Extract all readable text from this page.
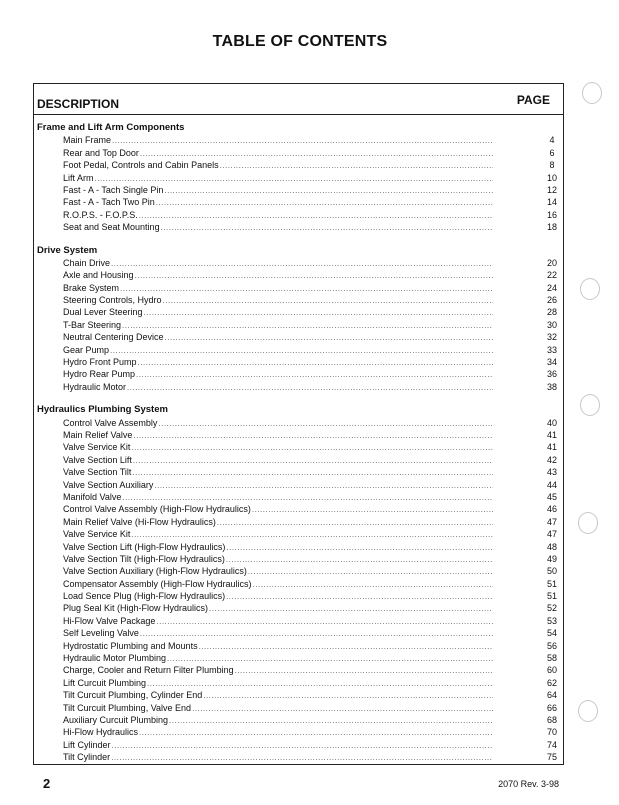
TABLE OF CONTENTS
DESCRIPTION	PAGE
Frame and Lift Arm Components
Main Frame .....	4
Rear and Top Door .....	6
Foot Pedal, Controls and Cabin Panels .....	8
Lift Arm .....	10
Fast - A - Tach Single Pin .....	12
Fast - A - Tach Two Pin .....	14
R.O.P.S. - F.O.P.S. .....	16
Seat and Seat Mounting .....	18
Drive System
Chain Drive .....	20
Axle and Housing .....	22
Brake System .....	24
Steering Controls, Hydro .....	26
Dual Lever Steering .....	28
T-Bar Steering .....	30
Neutral Centering Device .....	32
Gear Pump .....	33
Hydro Front Pump .....	34
Hydro Rear Pump .....	36
Hydraulic Motor .....	38
Hydraulics Plumbing System
Control Valve Assembly .....	40
Main Relief Valve .....	41
Valve Service Kit .....	41
Valve Section Lift .....	42
Valve Section Tilt .....	43
Valve Section Auxiliary .....	44
Manifold Valve .....	45
Control Valve Assembly (High-Flow Hydraulics) .....	46
Main Relief Valve (Hi-Flow Hydraulics) .....	47
Valve Service Kit .....	47
Valve Section Lift (High-Flow Hydraulics) .....	48
Valve Section Tilt (High-Flow Hydraulics) .....	49
Valve Section Auxiliary (High-Flow Hydraulics) .....	50
Compensator Assembly (High-Flow Hydraulics) .....	51
Load Sence Plug (High-Flow Hydraulics) .....	51
Plug Seal Kit (High-Flow Hydraulics) .....	52
Hi-Flow Valve Package .....	53
Self Leveling Valve .....	54
Hydrostatic Plumbing and Mounts .....	56
Hydraulic Motor Plumbing .....	58
Charge, Cooler and Return Filter Plumbing .....	60
Lift Curcuit Plumbing .....	62
Tilt Curcuit Plumbing, Cylinder End .....	64
Tilt Curcuit Plumbing, Valve End .....	66
Auxiliary Curcuit Plumbing .....	68
Hi-Flow Hydraulics .....	70
Lift Cylinder .....	74
Tilt Cylinder .....	75
2	2070 Rev. 3-98
